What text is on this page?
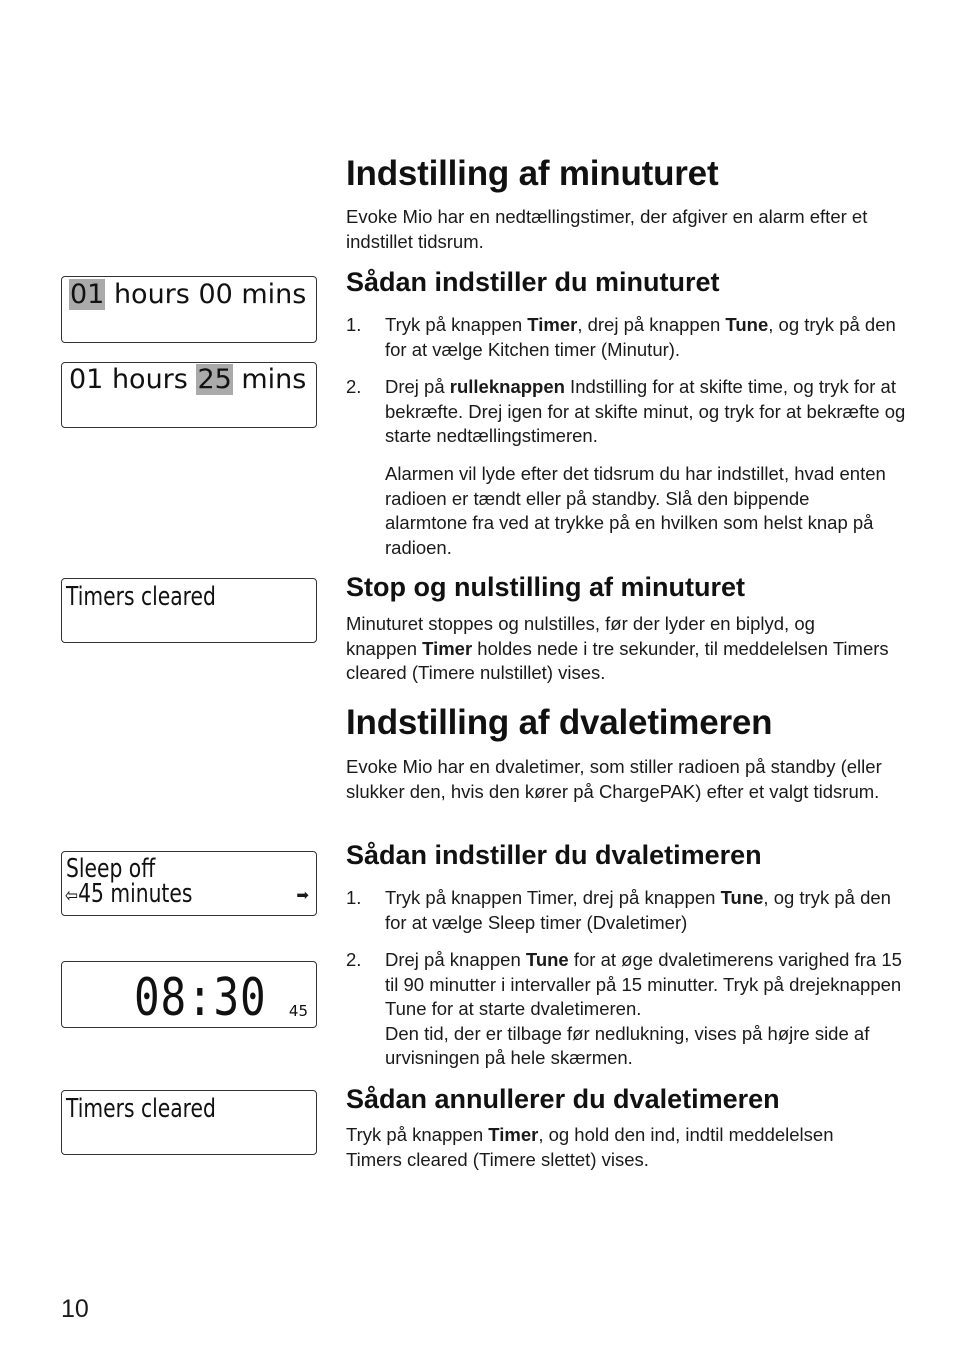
Indstilling af minuturet

Evoke Mio har en nedtællingstimer, der afgiver en alarm efter et indstillet tidsrum.

Sådan indstiller du minuturet
1. Tryk på knappen Timer, drej på knappen Tune, og tryk på den for at vælge Kitchen timer (Minutur).

2. Drej på rulleknappen Indstilling for at skifte time, og tryk for at bekræfte. Drej igen for at skifte minut, og tryk for at bekræfte og starte nedtællingstimeren.

Alarmen vil lyde efter det tidsrum du har indstillet, hvad enten radioen er tændt eller på standby. Slå den bippende alarmtone fra ved at trykke på en hvilken som helst knap på radioen.

Stop og nulstilling af minuturet

Minuturet stoppes og nulstilles, før der lyder en biplyd, og knappen Timer holdes nede i tre sekunder, til meddelelsen Timers cleared (Timere nulstillet) vises.

Indstilling af dvaletimeren

Evoke Mio har en dvaletimer, som stiller radioen på standby (eller slukker den, hvis den kører på ChargePAK) efter et valgt tidsrum.

Sådan indstiller du dvaletimeren
1. Tryk på knappen Timer, drej på knappen Tune, og tryk på den for at vælge Sleep timer (Dvaletimer)

2. Drej på knappen Tune for at øge dvaletimerens varighed fra 15 til 90 minutter i intervaller på 15 minutter. Tryk på drejeknappen Tune for at starte dvaletimeren.

Den tid, der er tilbage før nedlukning, vises på højre side af urvisningen på hele skærmen.

Sådan annullerer du dvaletimeren

Tryk på knappen Timer, og hold den ind, indtil meddelelsen Timers cleared (Timere slettet) vises.

01 hours 00 mins
01 hours 25 mins
Timers cleared
Sleep off
⇦45 minutes	➡
08:30 45
Timers cleared
10
